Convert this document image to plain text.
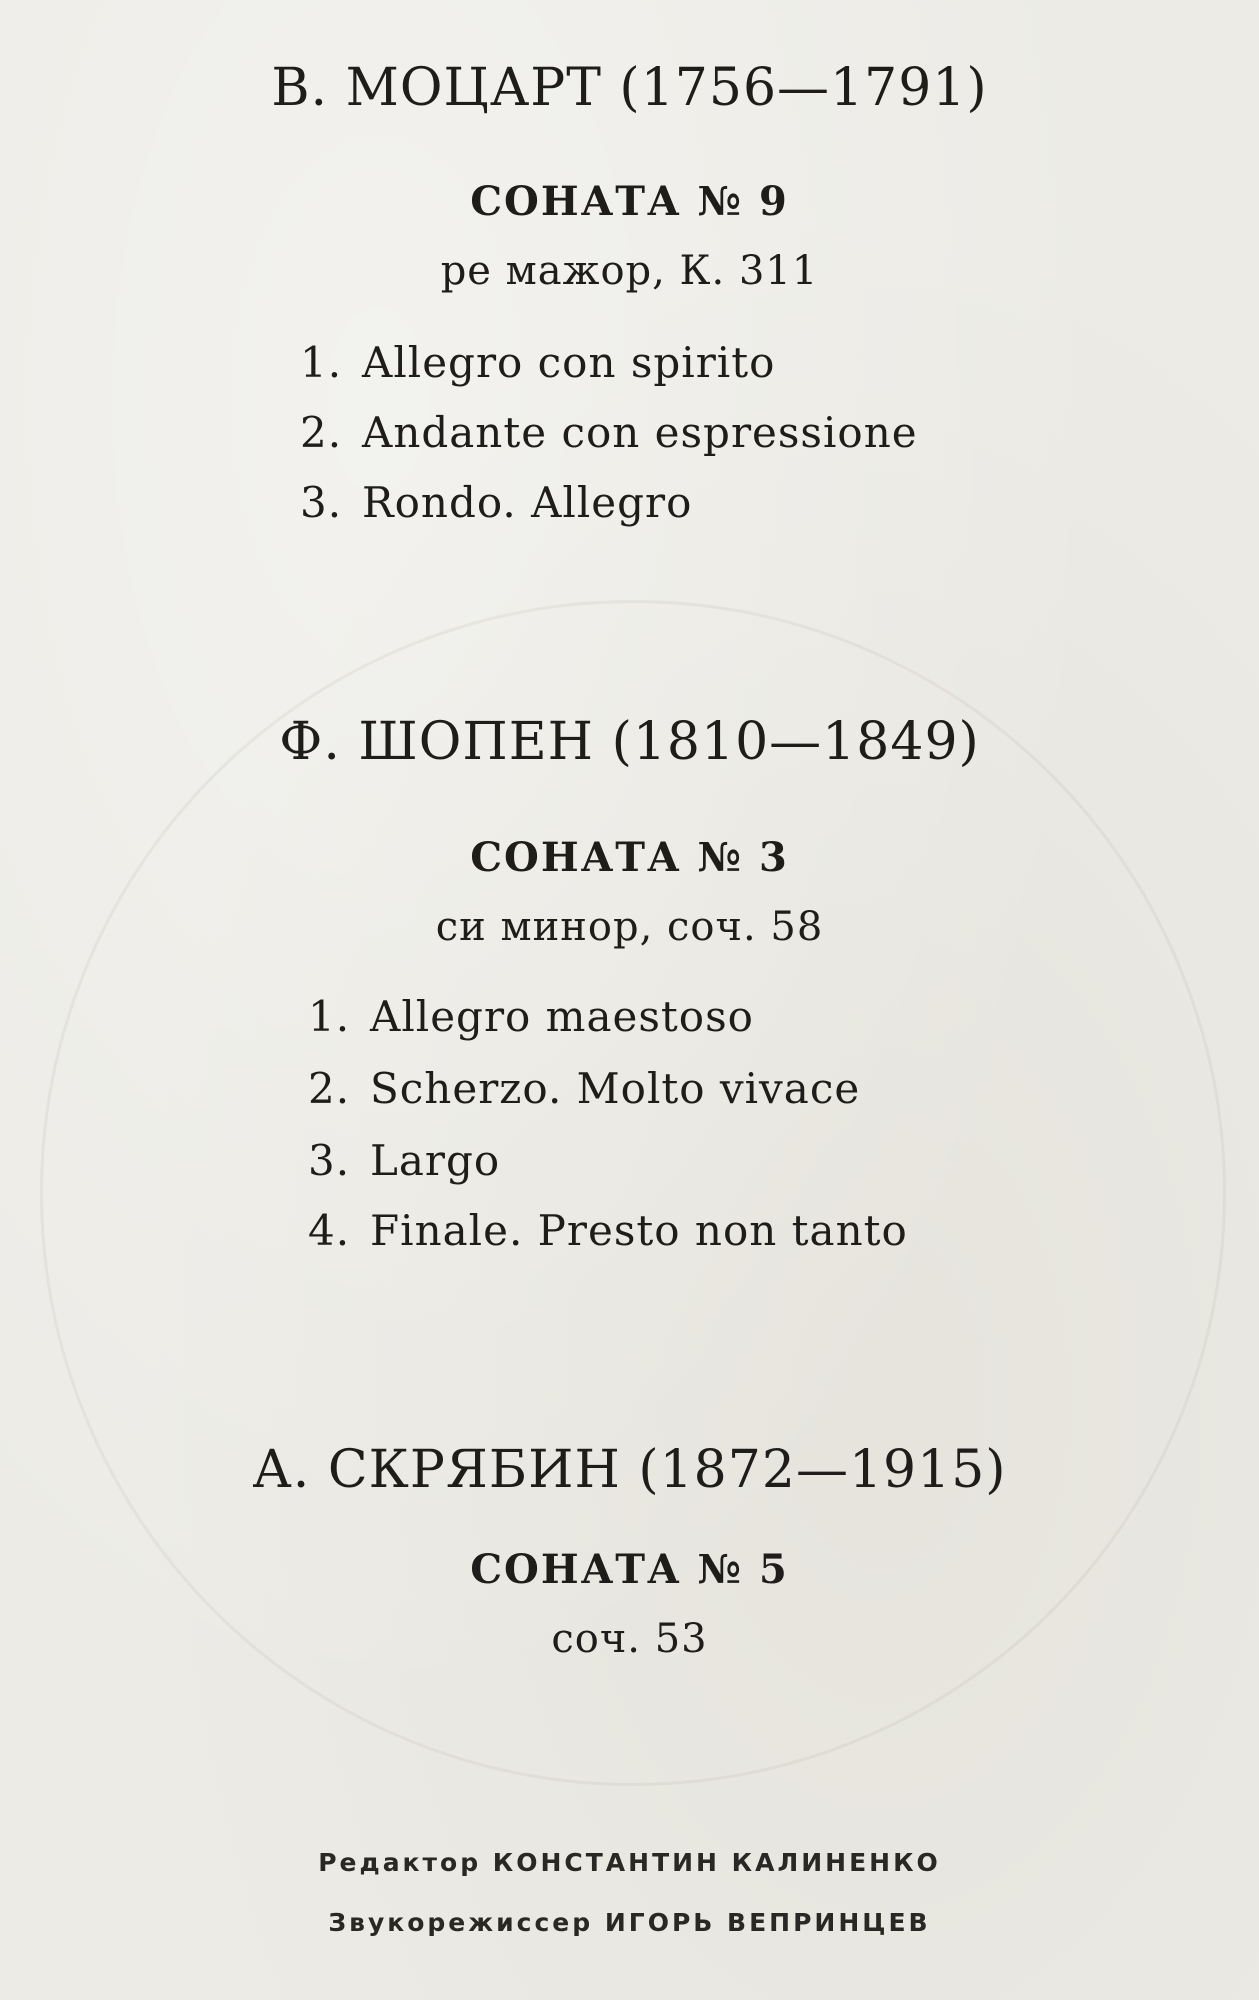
В. МОЦАРТ (1756—1791)
СОНАТА № 9
ре мажор, К. 311
1. Allegro con spirito
2. Andante con espressione
3. Rondo. Allegro
Ф. ШОПЕН (1810—1849)
СОНАТА № 3
си минор, соч. 58
1. Allegro maestoso
2. Scherzo. Molto vivace
3. Largo
4. Finale. Presto non tanto
А. СКРЯБИН (1872—1915)
СОНАТА № 5
соч. 53
Редактор КОНСТАНТИН КАЛИНЕНКО
Звукорежиссер ИГОРЬ ВЕПРИНЦЕВ
